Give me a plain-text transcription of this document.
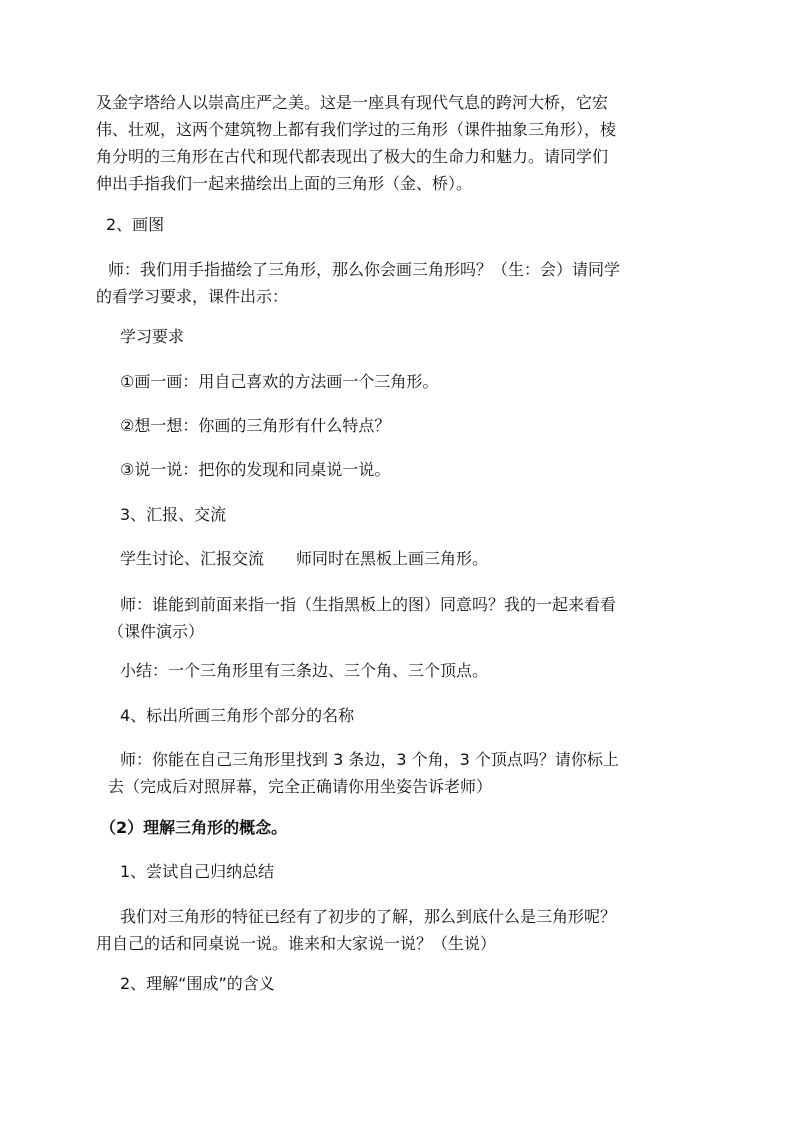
及金字塔给人以崇高庄严之美。这是一座具有现代气息的跨河大桥，它宏
伟、壮观，这两个建筑物上都有我们学过的三角形（课件抽象三角形），棱
角分明的三角形在古代和现代都表现出了极大的生命力和魅力。请同学们
伸出手指我们一起来描绘出上面的三角形（金、桥）。
2、画图
师：我们用手指描绘了三角形，那么你会画三角形吗？（生：会）请同学
的看学习要求，课件出示：
学习要求
①画一画：用自己喜欢的方法画一个三角形。
②想一想：你画的三角形有什么特点？
③说一说：把你的发现和同桌说一说。
3、汇报、交流
学生讨论、汇报交流　　师同时在黑板上画三角形。
师：谁能到前面来指一指（生指黑板上的图）同意吗？我的一起来看看
（课件演示）
小结：一个三角形里有三条边、三个角、三个顶点。
4、标出所画三角形个部分的名称
师：你能在自己三角形里找到 3 条边，3 个角，3 个顶点吗？请你标上
去（完成后对照屏幕，完全正确请你用坐姿告诉老师）
（2）理解三角形的概念。
1、尝试自己归纳总结
我们对三角形的特征已经有了初步的了解，那么到底什么是三角形呢？
用自己的话和同桌说一说。谁来和大家说一说？（生说）
2、理解“围成”的含义
